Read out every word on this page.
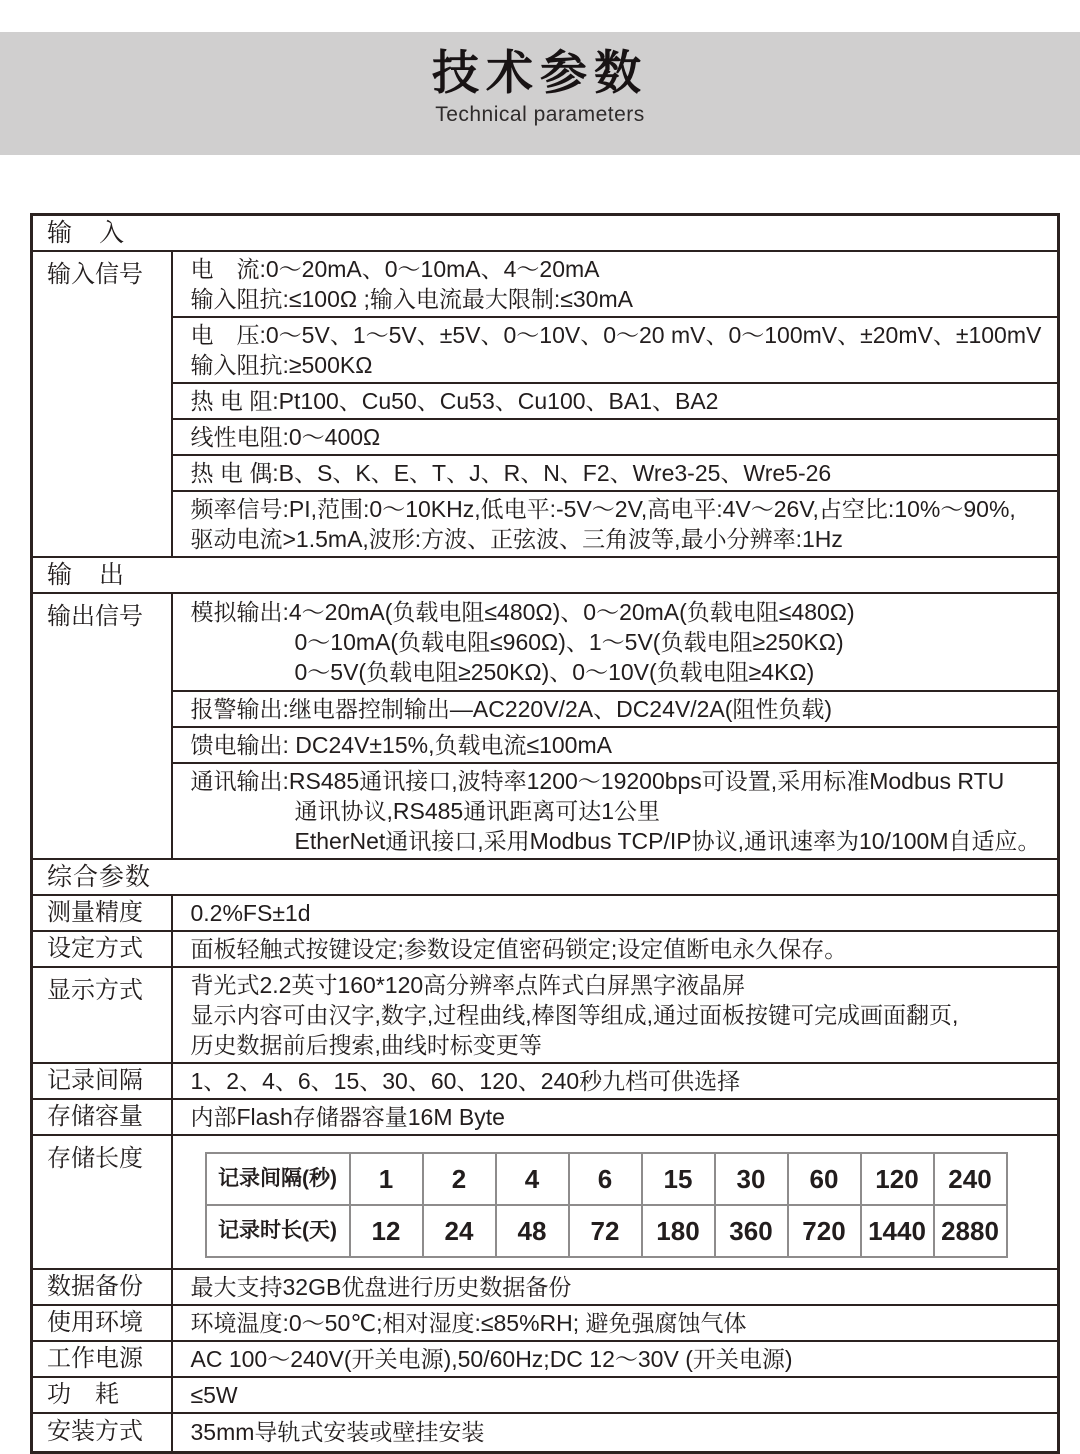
技术参数
Technical parameters
输　入
输入信号	电　流:0～20mA、0～10mA、4～20mA
输入阻抗:≤100Ω ;输入电流最大限制:≤30mA

电　压:0～5V、1～5V、±5V、0～10V、0～20 mV、0～100mV、±20mV、±100mV
输入阻抗:≥500KΩ

热 电 阻:Pt100、Cu50、Cu53、Cu100、BA1、BA2

线性电阻:0～400Ω

热 电 偶:B、S、K、E、T、J、R、N、F2、Wre3-25、Wre5-26

频率信号:PI,范围:0～10KHz,低电平:-5V～2V,高电平:4V～26V,占空比:10%～90%,
驱动电流>1.5mA,波形:方波、正弦波、三角波等,最小分辨率:1Hz

输　出
输出信号	模拟输出:4～20mA(负载电阻≤480Ω)、0～20mA(负载电阻≤480Ω)
0～10mA(负载电阻≤960Ω)、1～5V(负载电阻≥250KΩ)
0～5V(负载电阻≥250KΩ)、0～10V(负载电阻≥4KΩ)

报警输出:继电器控制输出—AC220V/2A、DC24V/2A(阻性负载)

馈电输出: DC24V±15%,负载电流≤100mA

通讯输出:RS485通讯接口,波特率1200～19200bps可设置,采用标准Modbus RTU
通讯协议,RS485通讯距离可达1公里
EtherNet通讯接口,采用Modbus TCP/IP协议,通讯速率为10/100M自适应。

综合参数
测量精度	0.2%FS±1d

设定方式	面板轻触式按键设定;参数设定值密码锁定;设定值断电永久保存。

显示方式	背光式2.2英寸160*120高分辨率点阵式白屏黑字液晶屏
显示内容可由汉字,数字,过程曲线,棒图等组成,通过面板按键可完成画面翻页,
历史数据前后搜索,曲线时标变更等

记录间隔	1、2、4、6、15、30、60、120、240秒九档可供选择

存储容量	内部Flash存储器容量16M Byte

存储长度	
记录间隔(秒)	1	2	4	6	15	30	60	120	240
记录时长(天)	12	24	48	72	180	360	720	1440	2880

数据备份	最大支持32GB优盘进行历史数据备份

使用环境	环境温度:0～50℃;相对湿度:≤85%RH; 避免强腐蚀气体

工作电源	AC 100～240V(开关电源),50/60Hz;DC 12～30V (开关电源)

功　耗	≤5W

安装方式	35mm导轨式安装或壁挂安装
